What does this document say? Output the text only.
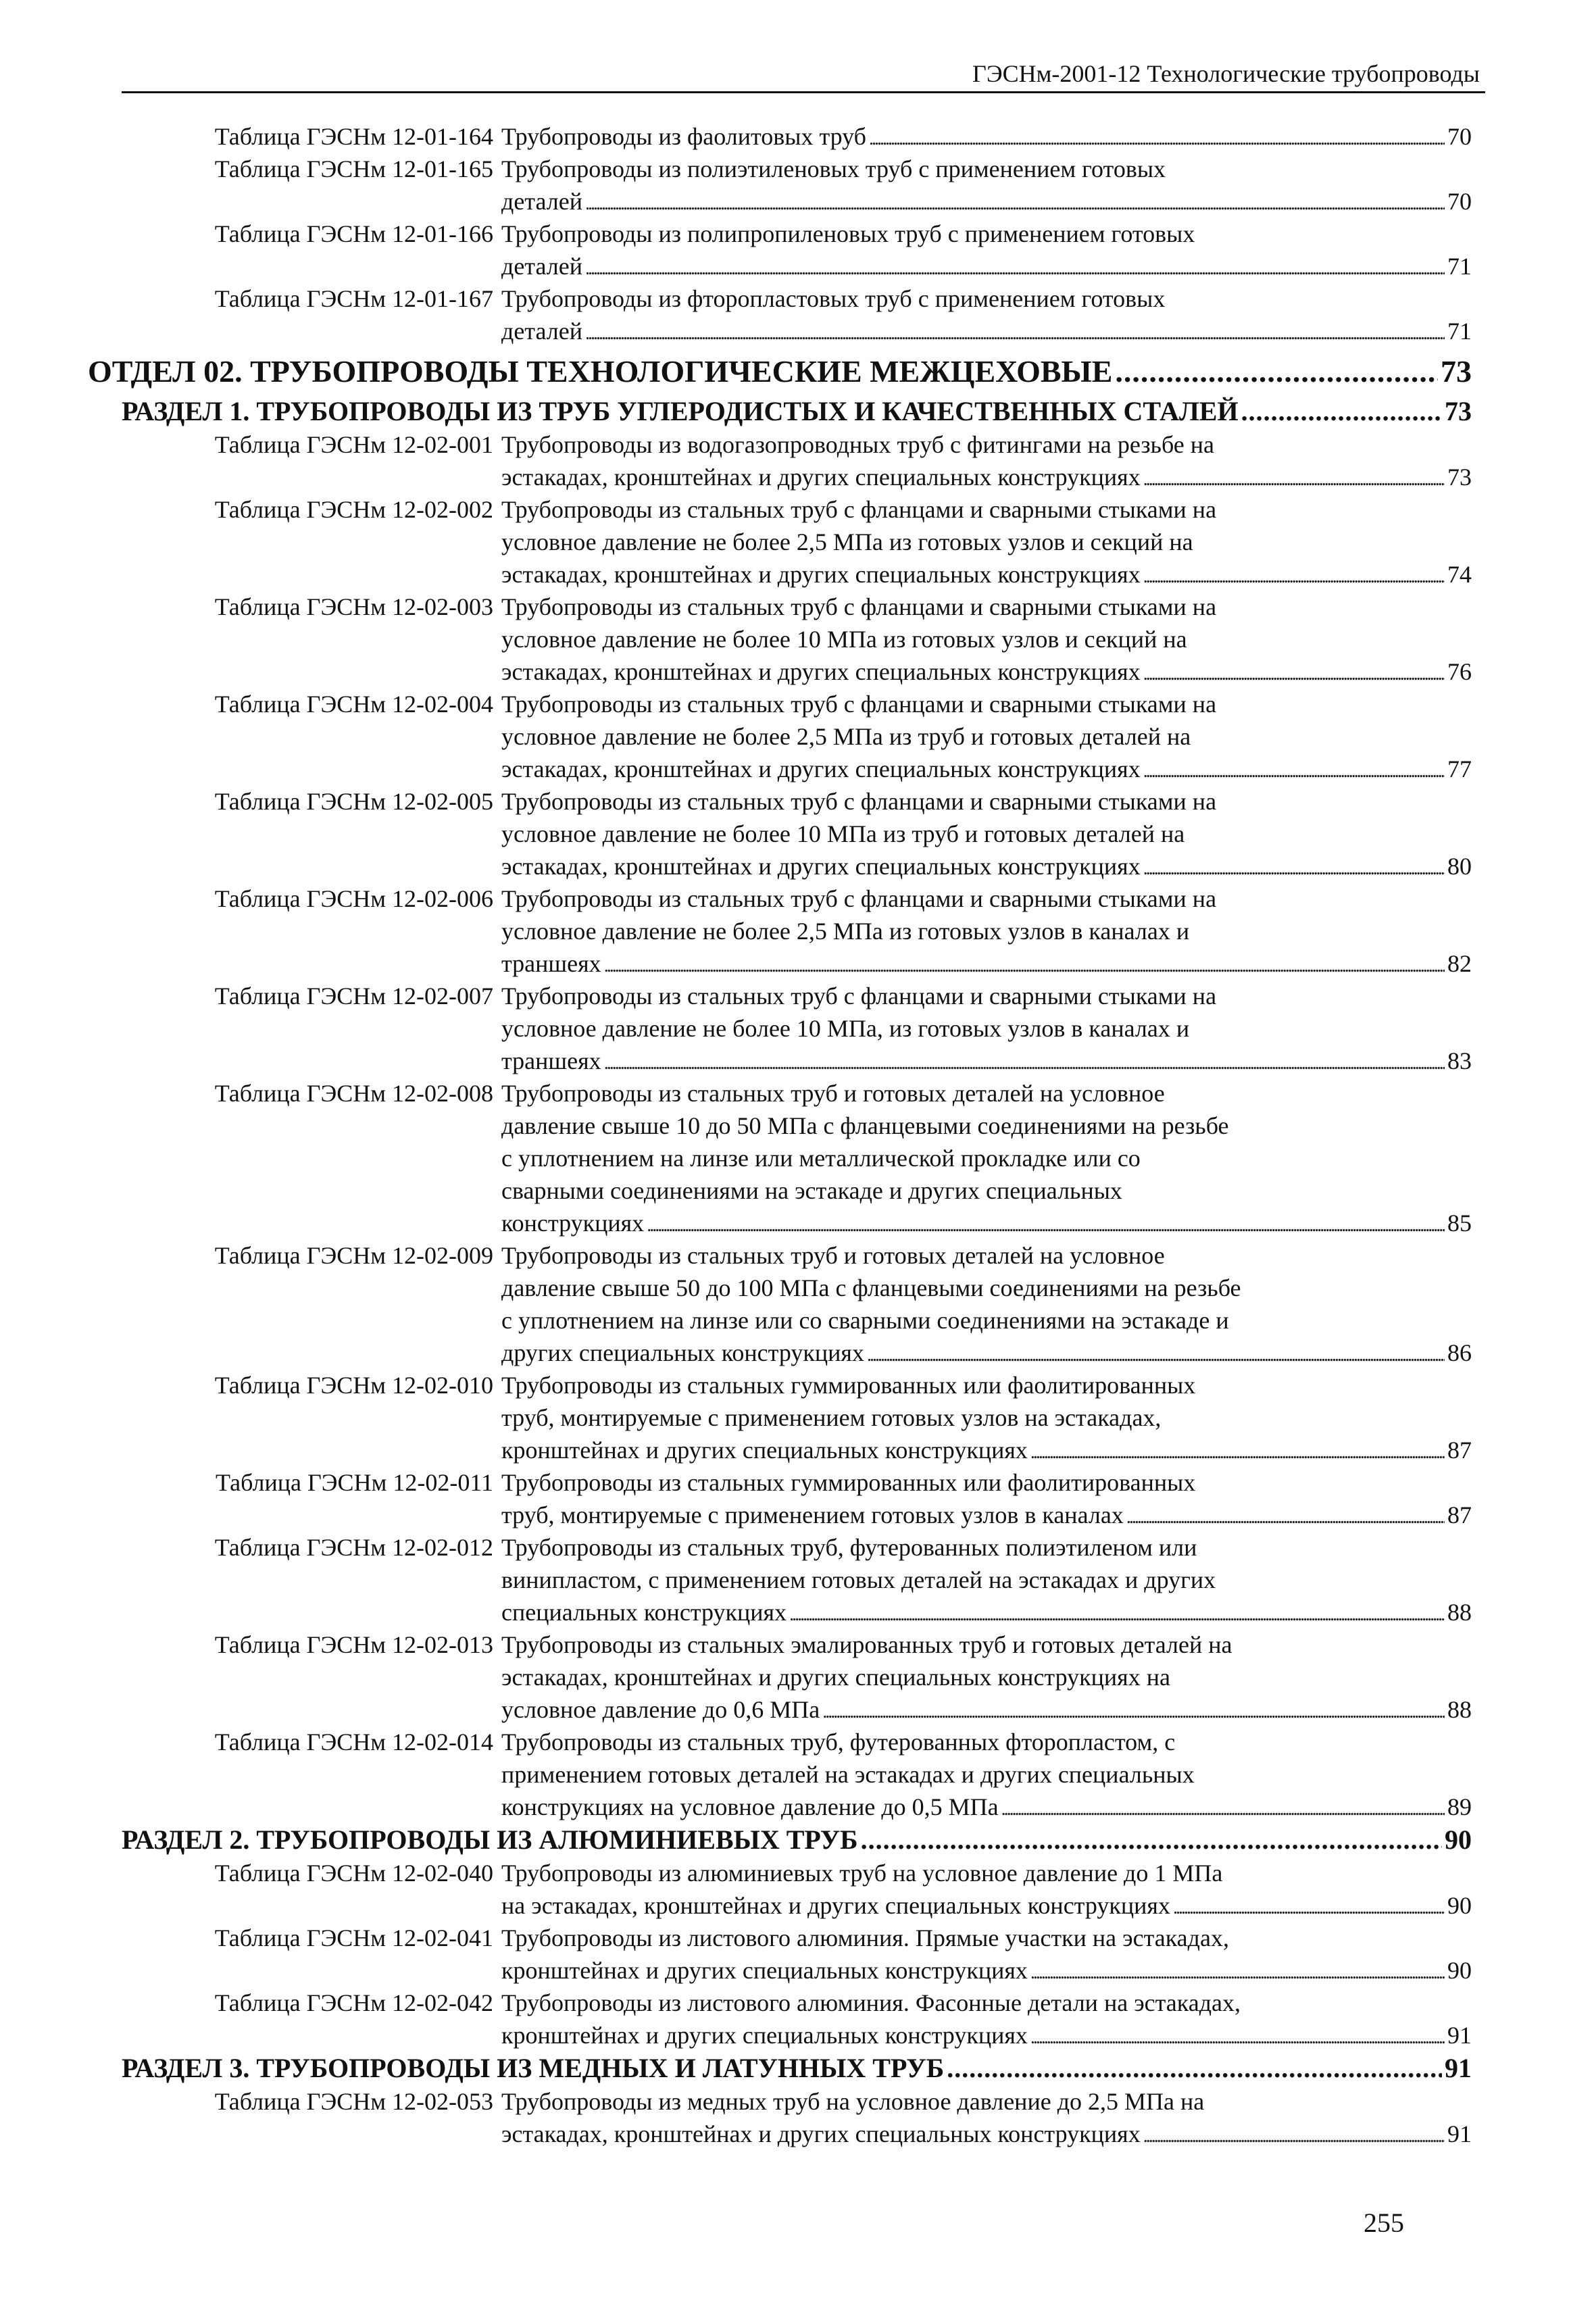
ГЭСНм-2001-12 Технологические трубопроводы
Таблица ГЭСНм 12-01-164 Трубопроводы из фаолитовых труб . . .	70
Таблица ГЭСНм 12-01-165 Трубопроводы из полиэтиленовых труб с применением готовых
деталей . . .	70
Таблица ГЭСНм 12-01-166 Трубопроводы из полипропиленовых труб с применением готовых
деталей . . .	71
Таблица ГЭСНм 12-01-167 Трубопроводы из фторопластовых труб с применением готовых
деталей . . .	71
ОТДЕЛ 02. ТРУБОПРОВОДЫ ТЕХНОЛОГИЧЕСКИЕ МЕЖЦЕХОВЫЕ .....	73
РАЗДЕЛ 1. ТРУБОПРОВОДЫ ИЗ ТРУБ УГЛЕРОДИСТЫХ И КАЧЕСТВЕННЫХ СТАЛЕЙ .....	73
Таблица ГЭСНм 12-02-001 Трубопроводы из водогазопроводных труб с фитингами на резьбе на
эстакадах, кронштейнах и других специальных конструкциях . . .	73
Таблица ГЭСНм 12-02-002 Трубопроводы из стальных труб с фланцами и сварными стыками на
условное давление не более 2,5 МПа из готовых узлов и секций на
эстакадах, кронштейнах и других специальных конструкциях . . .	74
Таблица ГЭСНм 12-02-003 Трубопроводы из стальных труб с фланцами и сварными стыками на
условное давление не более 10 МПа из готовых узлов и секций на
эстакадах, кронштейнах и других специальных конструкциях . . .	76
Таблица ГЭСНм 12-02-004 Трубопроводы из стальных труб с фланцами и сварными стыками на
условное давление не более 2,5 МПа из труб и готовых деталей на
эстакадах, кронштейнах и других специальных конструкциях . . .	77
Таблица ГЭСНм 12-02-005 Трубопроводы из стальных труб с фланцами и сварными стыками на
условное давление не более 10 МПа из труб и готовых деталей на
эстакадах, кронштейнах и других специальных конструкциях . . .	80
Таблица ГЭСНм 12-02-006 Трубопроводы из стальных труб с фланцами и сварными стыками на
условное давление не более 2,5 МПа из готовых узлов в каналах и
траншеях . . .	82
Таблица ГЭСНм 12-02-007 Трубопроводы из стальных труб с фланцами и сварными стыками на
условное давление не более 10 МПа, из готовых узлов в каналах и
траншеях . . .	83
Таблица ГЭСНм 12-02-008 Трубопроводы из стальных труб и готовых деталей на условное
давление свыше 10 до 50 МПа с фланцевыми соединениями на резьбе
с уплотнением на линзе или металлической прокладке или со
сварными соединениями на эстакаде и других специальных
конструкциях . . .	85
Таблица ГЭСНм 12-02-009 Трубопроводы из стальных труб и готовых деталей на условное
давление свыше 50 до 100 МПа с фланцевыми соединениями на резьбе
с уплотнением на линзе или со сварными соединениями на эстакаде и
других специальных конструкциях . . .	86
Таблица ГЭСНм 12-02-010 Трубопроводы из стальных гуммированных или фаолитированных
труб, монтируемые с применением готовых узлов на эстакадах,
кронштейнах и других специальных конструкциях . . .	87
Таблица ГЭСНм 12-02-011 Трубопроводы из стальных гуммированных или фаолитированных
труб, монтируемые с применением готовых узлов в каналах . . .	87
Таблица ГЭСНм 12-02-012 Трубопроводы из стальных труб, футерованных полиэтиленом или
винипластом, с применением готовых деталей на эстакадах и других
специальных конструкциях . . .	88
Таблица ГЭСНм 12-02-013 Трубопроводы из стальных эмалированных труб и готовых деталей на
эстакадах, кронштейнах и других специальных конструкциях на
условное давление до 0,6 МПа . . .	88
Таблица ГЭСНм 12-02-014 Трубопроводы из стальных труб, футерованных фторопластом, с
применением готовых деталей на эстакадах и других специальных
конструкциях на условное давление до 0,5 МПа . . .	89
РАЗДЕЛ 2. ТРУБОПРОВОДЫ ИЗ АЛЮМИНИЕВЫХ ТРУБ .....	90
Таблица ГЭСНм 12-02-040 Трубопроводы из алюминиевых труб на условное давление до 1 МПа
на эстакадах, кронштейнах и других специальных конструкциях . . .	90
Таблица ГЭСНм 12-02-041 Трубопроводы из листового алюминия. Прямые участки на эстакадах,
кронштейнах и других специальных конструкциях . . .	90
Таблица ГЭСНм 12-02-042 Трубопроводы из листового алюминия. Фасонные детали на эстакадах,
кронштейнах и других специальных конструкциях . . .	91
РАЗДЕЛ 3. ТРУБОПРОВОДЫ ИЗ МЕДНЫХ И ЛАТУННЫХ ТРУБ .....	91
Таблица ГЭСНм 12-02-053 Трубопроводы из медных труб на условное давление до 2,5 МПа на
эстакадах, кронштейнах и других специальных конструкциях . . .	91
255
